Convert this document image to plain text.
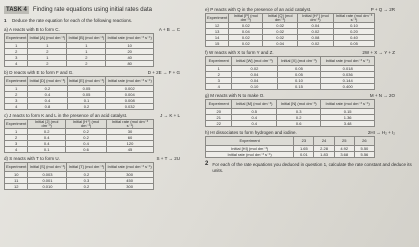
TASK 4	Finding rate equations using initial rates data
1	Deduce the rate equation for each of the following reactions.
a) A reacts with B to form C.	A + B → C
Experiment	Initial [A] (mol dm⁻³)	Initial [B] (mol dm⁻³)	Initial rate (mol dm⁻³ s⁻¹)
1	1	1	10
2	2	1	20
3	1	2	40
4	2	2	80
b) D reacts with E to form F and G.	D + 2E → F + G
Experiment	Initial [D] (mol dm⁻³)	Initial [E] (mol dm⁻³)	Initial rate (mol dm⁻³ s⁻¹)
1	0.2	0.05	0.002
2	0.4	0.05	0.004
3	0.4	0.1	0.008
4	0.8	0.2	0.032
c) J reacts to form K and L in the presence of an acid catalyst.	J → K + L
Experiment	Initial [J] (mol dm⁻³)	Initial [H⁺] (mol dm⁻³)	Initial rate (mol dm⁻³ s⁻¹)
1	0.2	0.2	30
2	0.4	0.2	60
3	0.4	0.4	120
4	0.1	0.6	45
d) S reacts with T to form U.	S + T → 2U
Experiment	Initial [S] (mol dm⁻³)	Initial [T] (mol dm⁻³)	Initial rate (mol dm⁻³ s⁻¹)
10	0.003	0.2	300
11	0.001	0.3	450
12	0.010	0.2	300
e) P reacts with Q in the presence of an acid catalyst.	P + Q → 2R
Experiment	Initial [P] (mol dm⁻³)	Initial [Q] (mol dm⁻³)	Initial [H⁺] (mol dm⁻³)	Initial rate (mol dm⁻³ s⁻¹)
12	0.02	0.02	0.04	0.10
13	0.04	0.02	0.02	0.20
14	0.02	0.02	0.08	0.40
15	0.02	0.04	0.02	0.05
f) W reacts with X to form Y and Z.	2W + X → Y + Z
Experiment	Initial [W] (mol dm⁻³)	Initial [X] (mol dm⁻³)	Initial rate (mol dm⁻³ s⁻¹)
1	0.02	0.05	0.018
2	0.04	0.05	0.036
3	0.04	0.10	0.144
4	0.10	0.15	0.400
g) M reacts with N to make O.	M + N → 2O
Experiment	Initial [M] (mol dm⁻³)	Initial [N] (mol dm⁻³)	Initial rate (mol dm⁻³ s⁻¹)
20	0.5	0.3	0.15
21	0.4	0.2	1.36
22	0.4	0.6	3.48
h) HI dissociates to form hydrogen and iodine.	2HI → H₂ + I₂
Experiment	23	24	25	26
Initial [HI] (mol dm⁻³)	1.65	2.28	4.92	5.50
Initial rate (mol dm⁻³ s⁻¹)	0.01	1.83	3.68	5.56
2 For each of the rate equations you deduced in question 1, calculate the rate constant and deduce its units.
